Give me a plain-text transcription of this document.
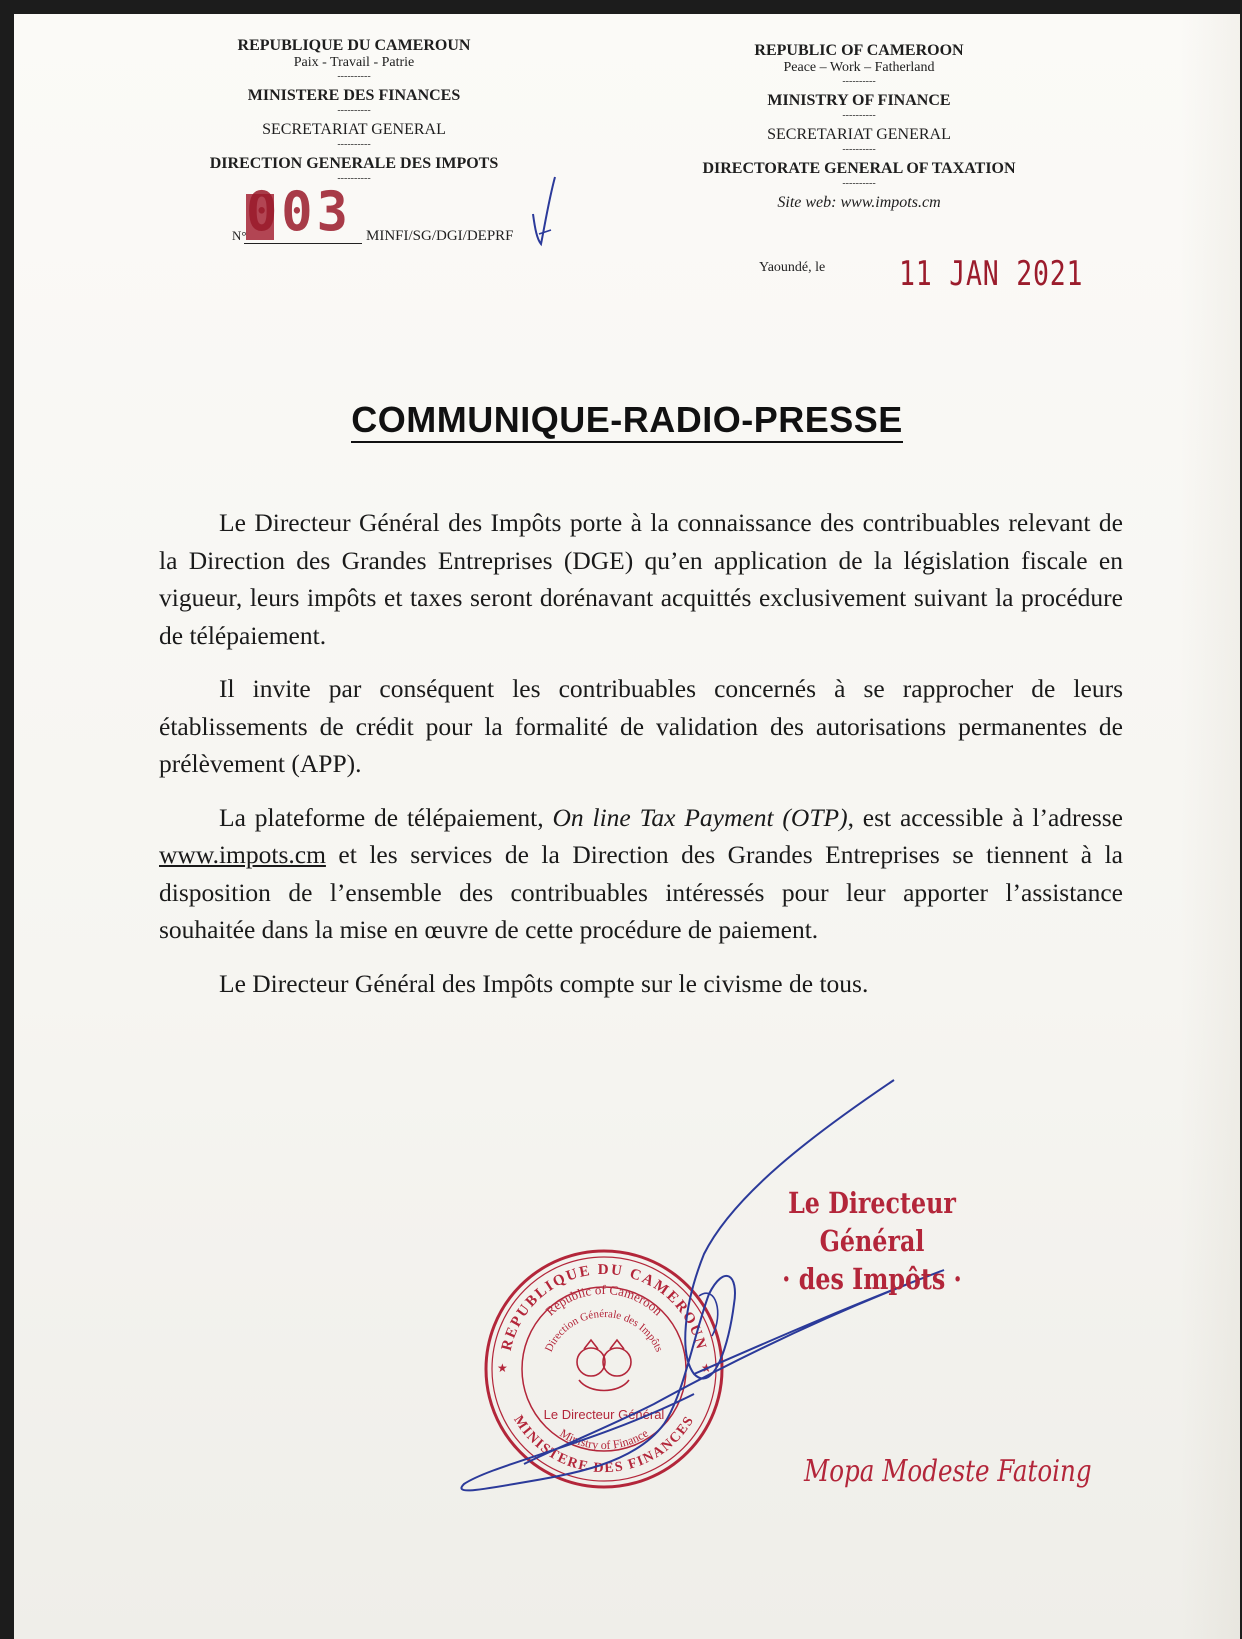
REPUBLIQUE DU CAMEROUN
Paix - Travail - Patrie
----------
MINISTERE DES FINANCES
----------
SECRETARIAT GENERAL
----------
DIRECTION GENERALE DES IMPOTS
----------
003
N°	MINFI/SG/DGI/DEPRF
REPUBLIC OF CAMEROON
Peace – Work – Fatherland
----------
MINISTRY OF FINANCE
----------
SECRETARIAT GENERAL
----------
DIRECTORATE GENERAL OF TAXATION
----------
Site web: www.impots.cm
Yaoundé, le 11 JAN 2021
COMMUNIQUE-RADIO-PRESSE

Le Directeur Général des Impôts porte à la connaissance des contribuables relevant de la Direction des Grandes Entreprises (DGE) qu’en application de la législation fiscale en vigueur, leurs impôts et taxes seront dorénavant acquittés exclusivement suivant la procédure de télépaiement.

Il invite par conséquent les contribuables concernés à se rapprocher de leurs établissements de crédit pour la formalité de validation des autorisations permanentes de prélèvement (APP).

La plateforme de télépaiement, On line Tax Payment (OTP), est accessible à l’adresse www.impots.cm et les services de la Direction des Grandes Entreprises se tiennent à la disposition de l’ensemble des contribuables intéressés pour leur apporter l’assistance souhaitée dans la mise en œuvre de cette procédure de paiement.

Le Directeur Général des Impôts compte sur le civisme de tous.

REPUBLIQUE DU CAMEROUN
MINISTERE DES FINANCES
Republic of Cameroon
Direction Générale des Impôts
Ministry of Finance
Le Directeur Général
★	★
Le Directeur Général
· des Impôts ·
Mopa Modeste Fatoing
